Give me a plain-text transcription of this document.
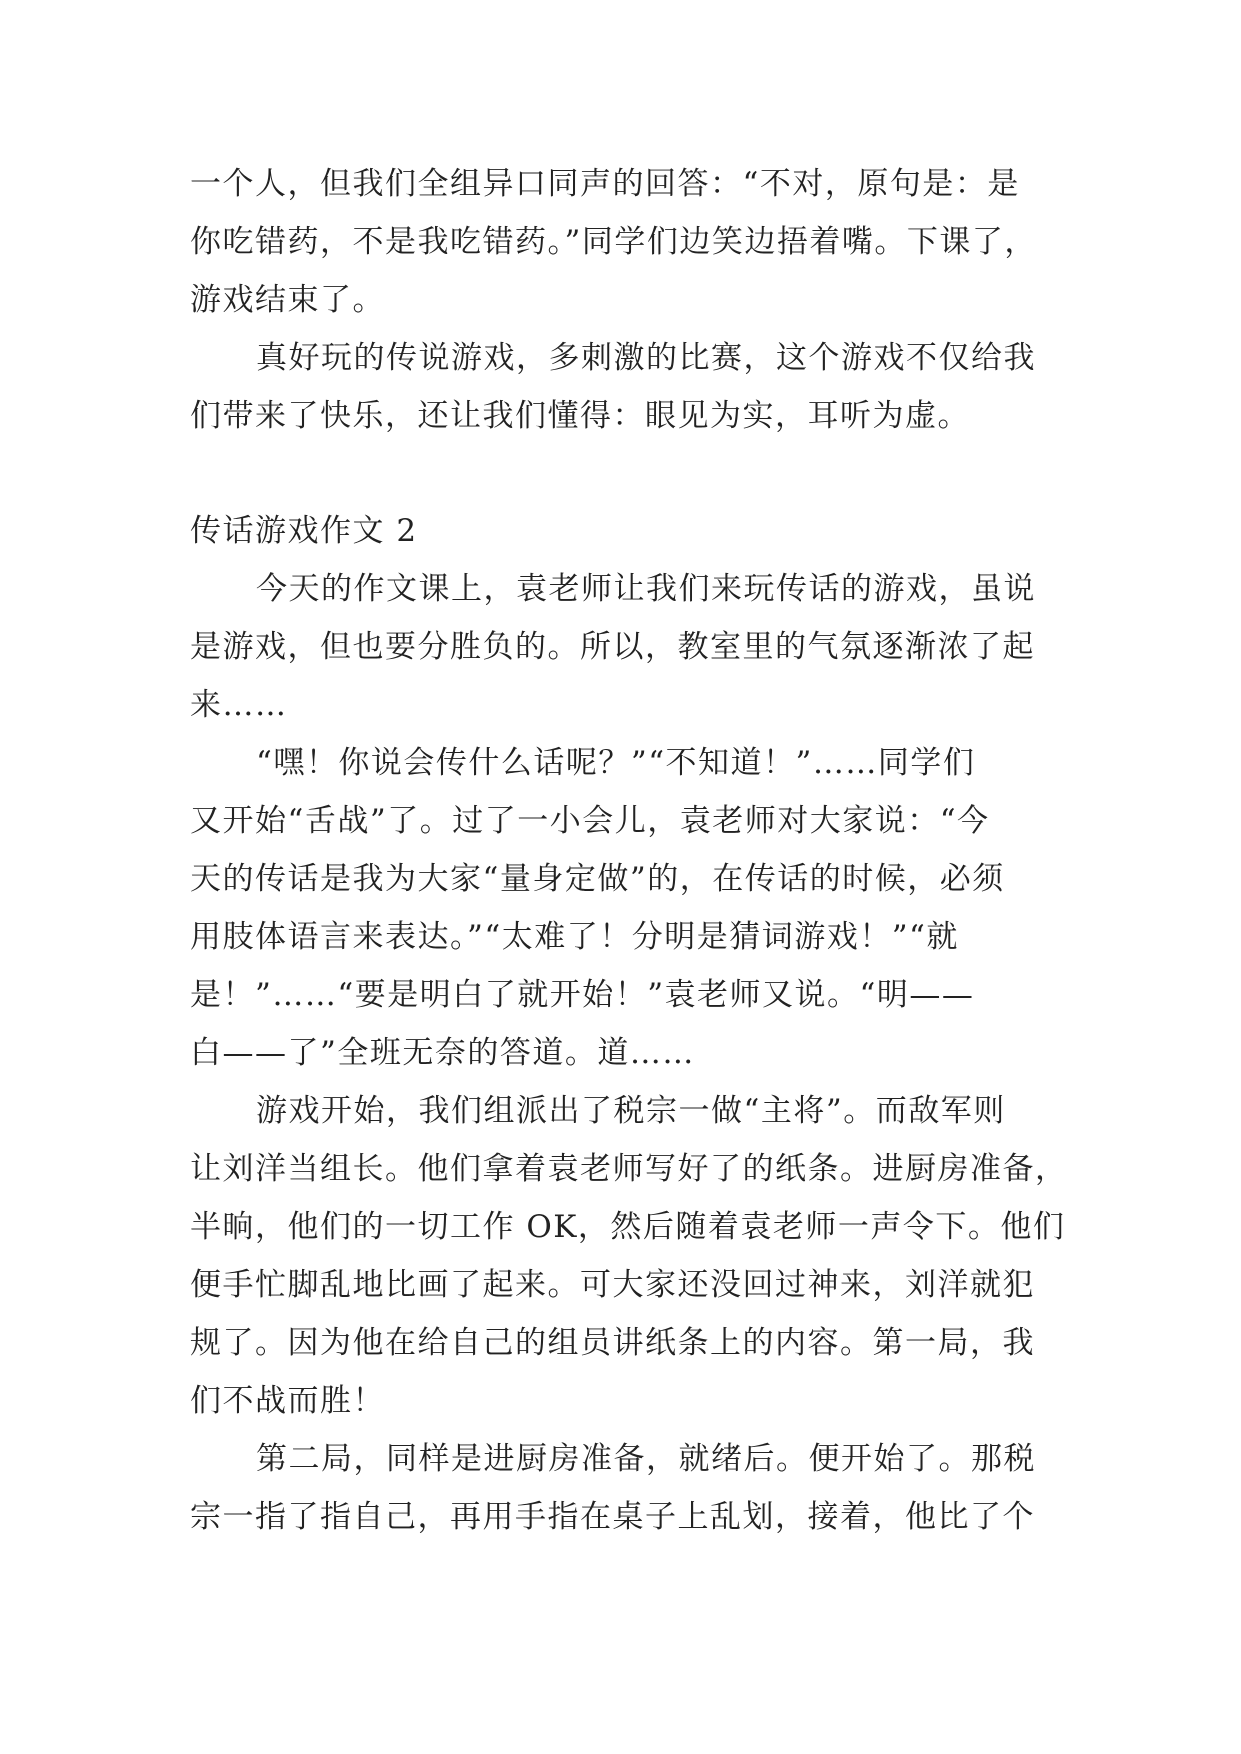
一个人，但我们全组异口同声的回答：“不对，原句是：是
你吃错药，不是我吃错药。”同学们边笑边捂着嘴。下课了，
游戏结束了。
真好玩的传说游戏，多刺激的比赛，这个游戏不仅给我
们带来了快乐，还让我们懂得：眼见为实，耳听为虚。
传话游戏作文 2
今天的作文课上，袁老师让我们来玩传话的游戏，虽说
是游戏，但也要分胜负的。所以，教室里的气氛逐渐浓了起
来……
“嘿！你说会传什么话呢？”“不知道！”……同学们
又开始“舌战”了。过了一小会儿，袁老师对大家说：“今
天的传话是我为大家“量身定做”的，在传话的时候，必须
用肢体语言来表达。”“太难了！分明是猜词游戏！”“就
是！”……“要是明白了就开始！”袁老师又说。“明——
白——了”全班无奈的答道。道……
游戏开始，我们组派出了税宗一做“主将”。而敌军则
让刘洋当组长。他们拿着袁老师写好了的纸条。进厨房准备，
半晌，他们的一切工作 OK，然后随着袁老师一声令下。他们
便手忙脚乱地比画了起来。可大家还没回过神来，刘洋就犯
规了。因为他在给自己的组员讲纸条上的内容。第一局，我
们不战而胜！
第二局，同样是进厨房准备，就绪后。便开始了。那税
宗一指了指自己，再用手指在桌子上乱划，接着，他比了个
